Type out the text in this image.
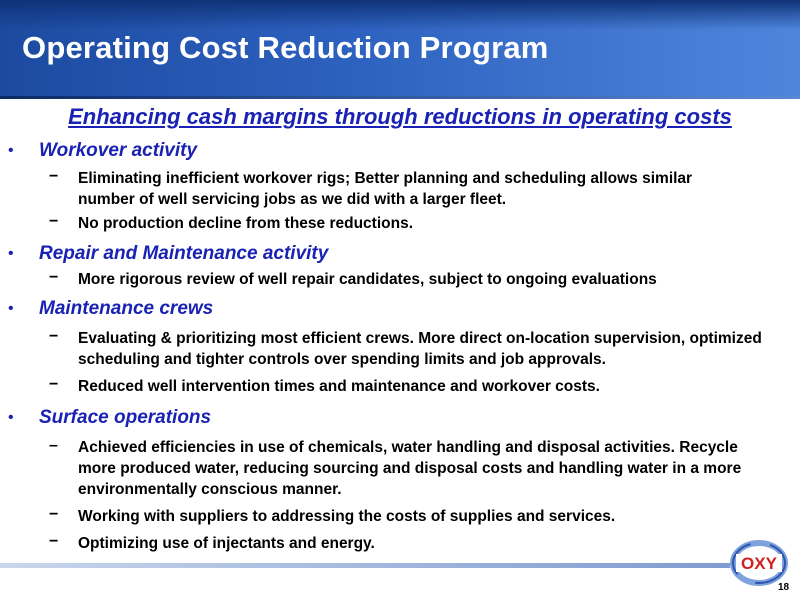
Operating Cost Reduction Program
Enhancing cash margins through reductions in operating costs
• Workover activity
− Eliminating inefficient workover rigs; Better planning and scheduling allows similar number of well servicing jobs as we did with a larger fleet.
− No production decline from these reductions.
• Repair and Maintenance activity
− More rigorous review of well repair candidates, subject to ongoing evaluations
• Maintenance crews
− Evaluating & prioritizing most efficient crews. More direct on-location supervision, optimized scheduling and tighter controls over spending limits and job approvals.
− Reduced well intervention times and maintenance and workover costs.
• Surface operations
– Achieved efficiencies in use of chemicals, water handling and disposal activities. Recycle more produced water, reducing sourcing and disposal costs and handling water in a more environmentally conscious manner.
− Working with suppliers to addressing the costs of supplies and services.
− Optimizing use of injectants and energy.
OXY
18
